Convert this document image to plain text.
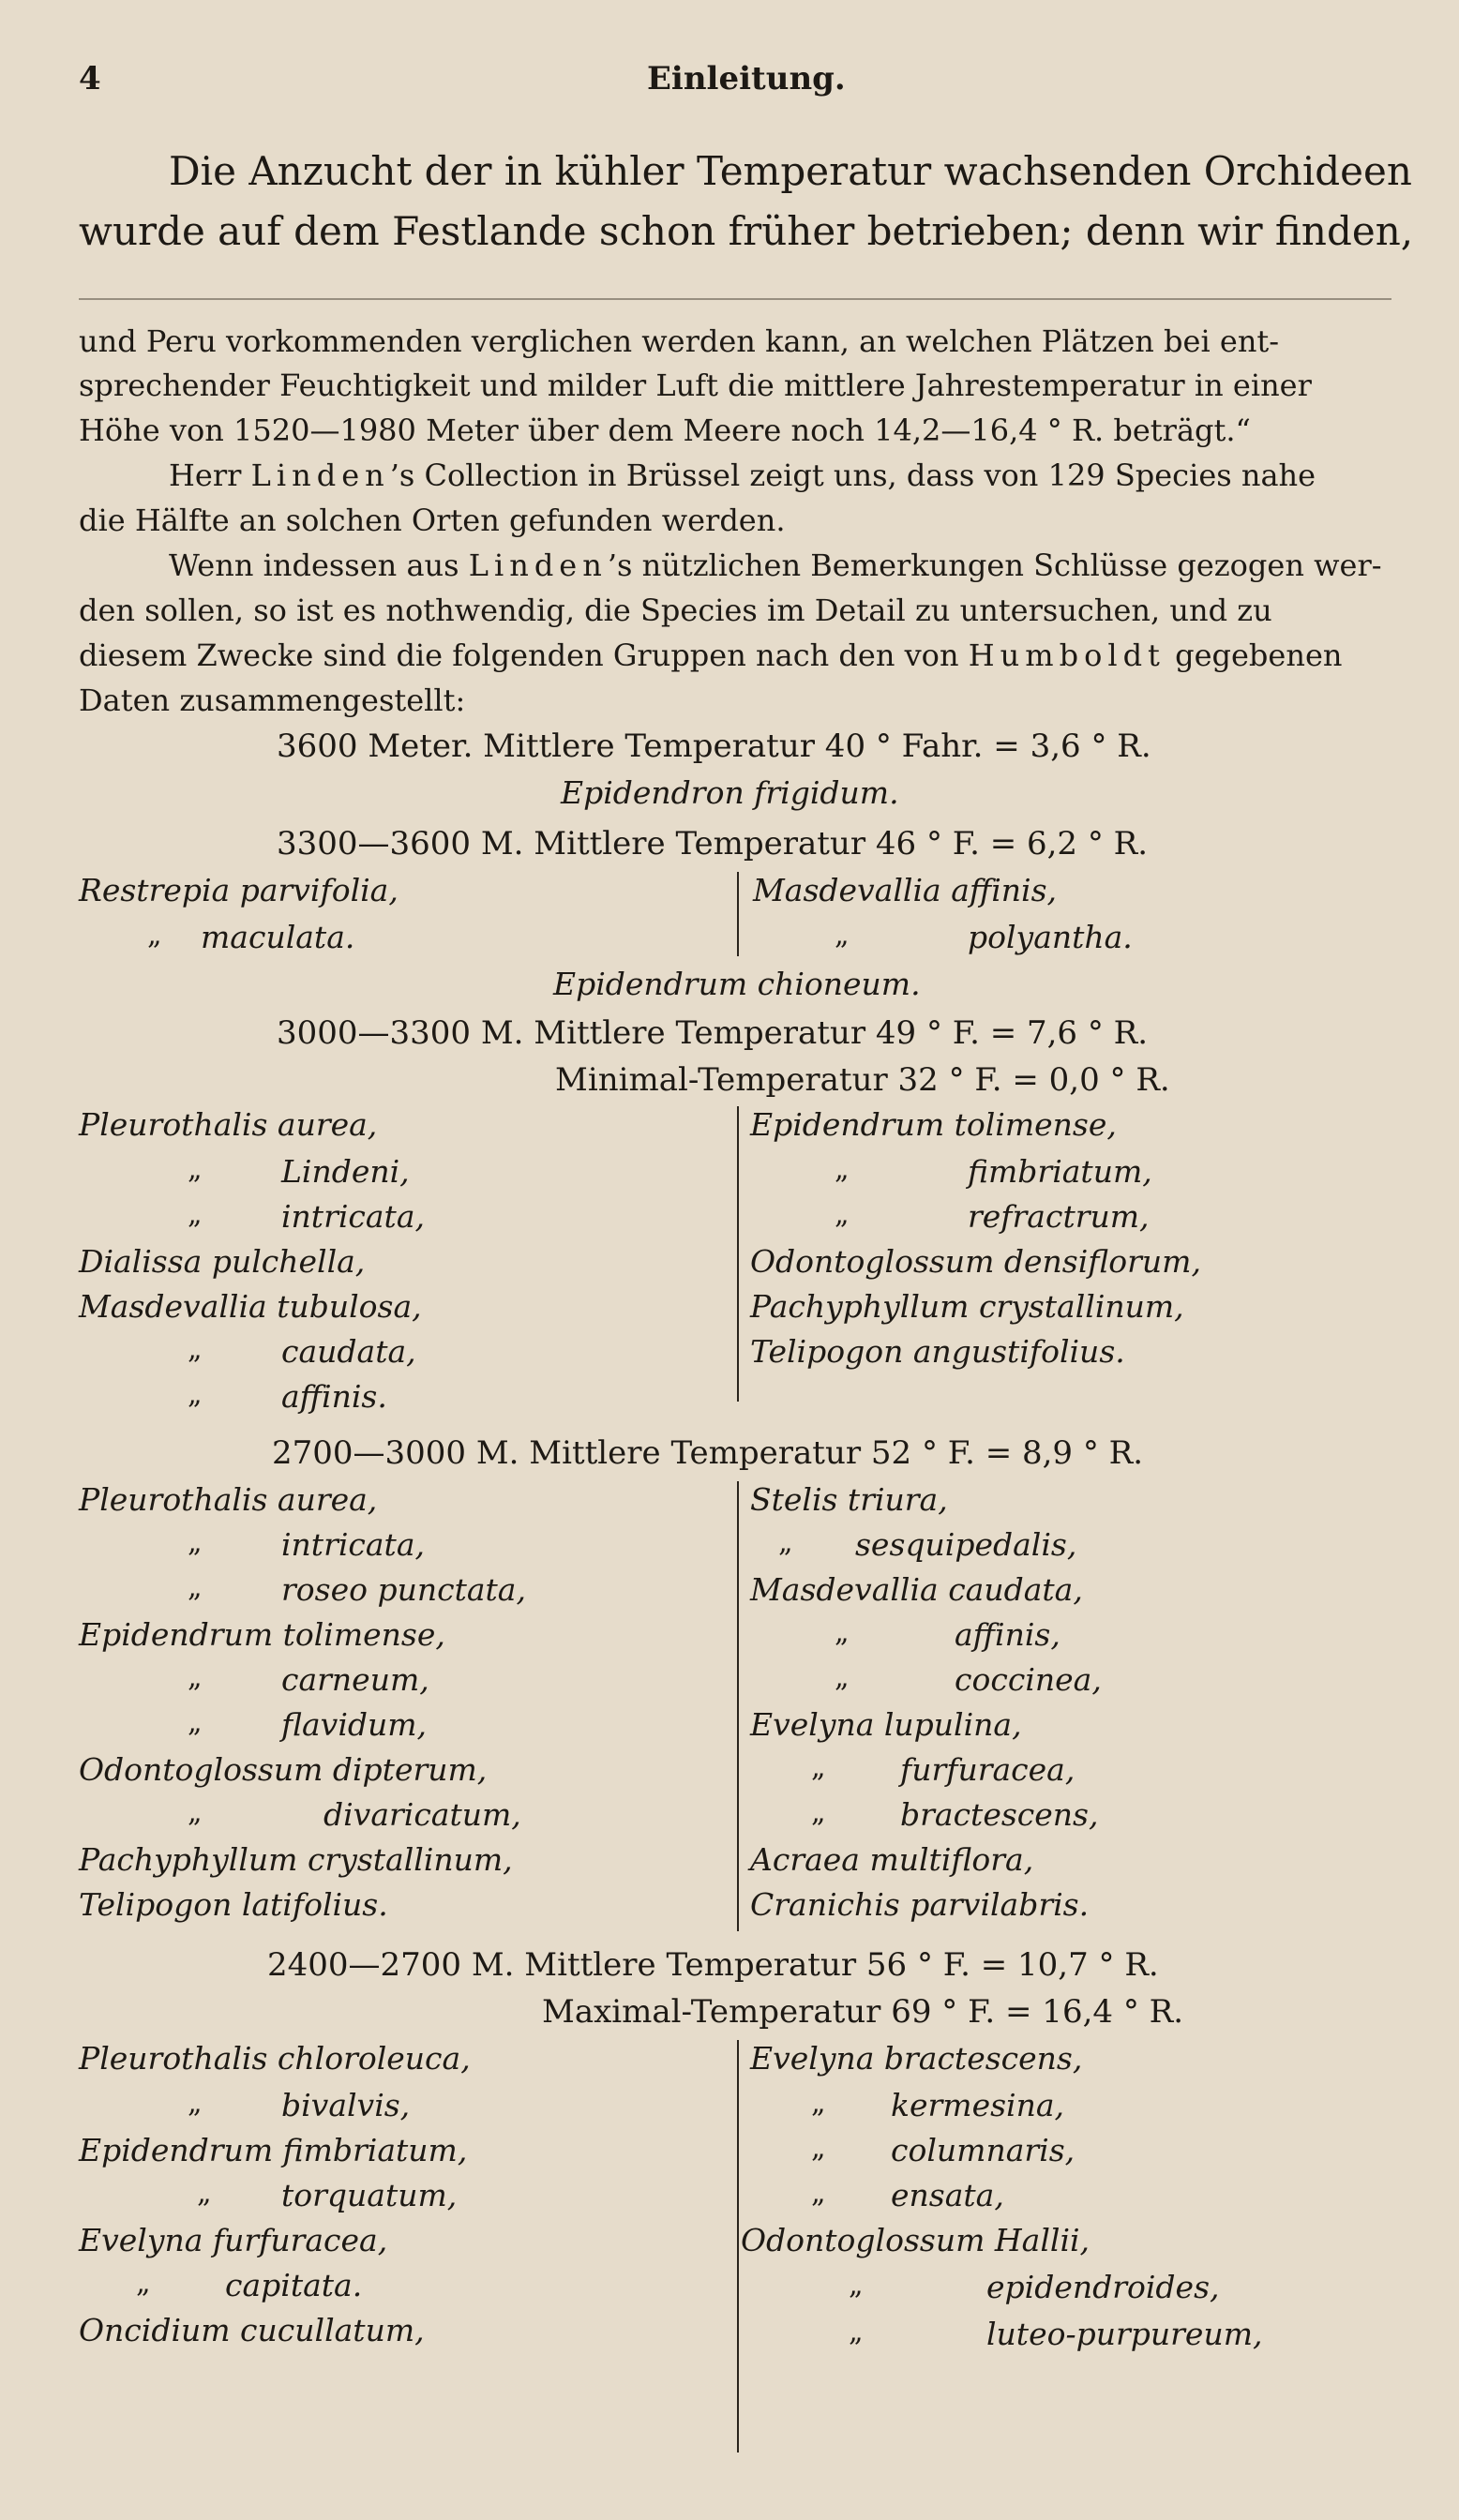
4	Einleitung.
Die Anzucht der in kühler Temperatur wachsenden Orchideen
wurde auf dem Festlande schon früher betrieben; denn wir finden,
und Peru vorkommenden verglichen werden kann, an welchen Plätzen bei ent-
sprechender Feuchtigkeit und milder Luft die mittlere Jahrestemperatur in einer
Höhe von 1520—1980 Meter über dem Meere noch 14,2—16,4 ° R. beträgt.“
Herr Linden’s Collection in Brüssel zeigt uns, dass von 129 Species nahe
die Hälfte an solchen Orten gefunden werden.
Wenn indessen aus Linden’s nützlichen Bemerkungen Schlüsse gezogen wer-
den sollen, so ist es nothwendig, die Species im Detail zu untersuchen, und zu
diesem Zwecke sind die folgenden Gruppen nach den von Humboldt gegebenen
Daten zusammengestellt:
3600 Meter. Mittlere Temperatur 40 ° Fahr. = 3,6 ° R.
Epidendron frigidum.
3300—3600 M. Mittlere Temperatur 46 ° F. = 6,2 ° R.
Restrepia parvifolia,
„ maculata.
Masdevallia affinis,
„	polyantha.
Epidendrum chioneum.
3000—3300 M. Mittlere Temperatur 49 ° F. = 7,6 ° R.
Minimal-Temperatur 32 ° F. = 0,0 ° R.
Pleurothalis aurea,
„	Lindeni,
„	intricata,
Dialissa pulchella,
Masdevallia tubulosa,
„	caudata,
„	affinis.
Epidendrum tolimense,
„	fimbriatum,
„	refractrum,
Odontoglossum densiflorum,
Pachyphyllum crystallinum,
Telipogon angustifolius.
2700—3000 M. Mittlere Temperatur 52 ° F. = 8,9 ° R.
Pleurothalis aurea,
„	intricata,
„	roseo punctata,
Epidendrum tolimense,
„	carneum,
„	flavidum,
Odontoglossum dipterum,
„	divaricatum,
Pachyphyllum crystallinum,
Telipogon latifolius.
Stelis triura,
„ sesquipedalis,
Masdevallia caudata,
„	affinis,
„	coccinea,
Evelyna lupulina,
„ furfuracea,
„ bractescens,
Acraea multiflora,
Cranichis parvilabris.
2400—2700 M. Mittlere Temperatur 56 ° F. = 10,7 ° R.
Maximal-Temperatur 69 ° F. = 16,4 ° R.
Pleurothalis chloroleuca,
„	bivalvis,
Epidendrum fimbriatum,
„ torquatum,
Evelyna furfuracea,
„ capitata.
Oncidium cucullatum,
Evelyna bractescens,
„ kermesina,
„ columnaris,
„ ensata,
Odontoglossum Hallii,
„	epidendroides,
„	luteo-purpureum,
